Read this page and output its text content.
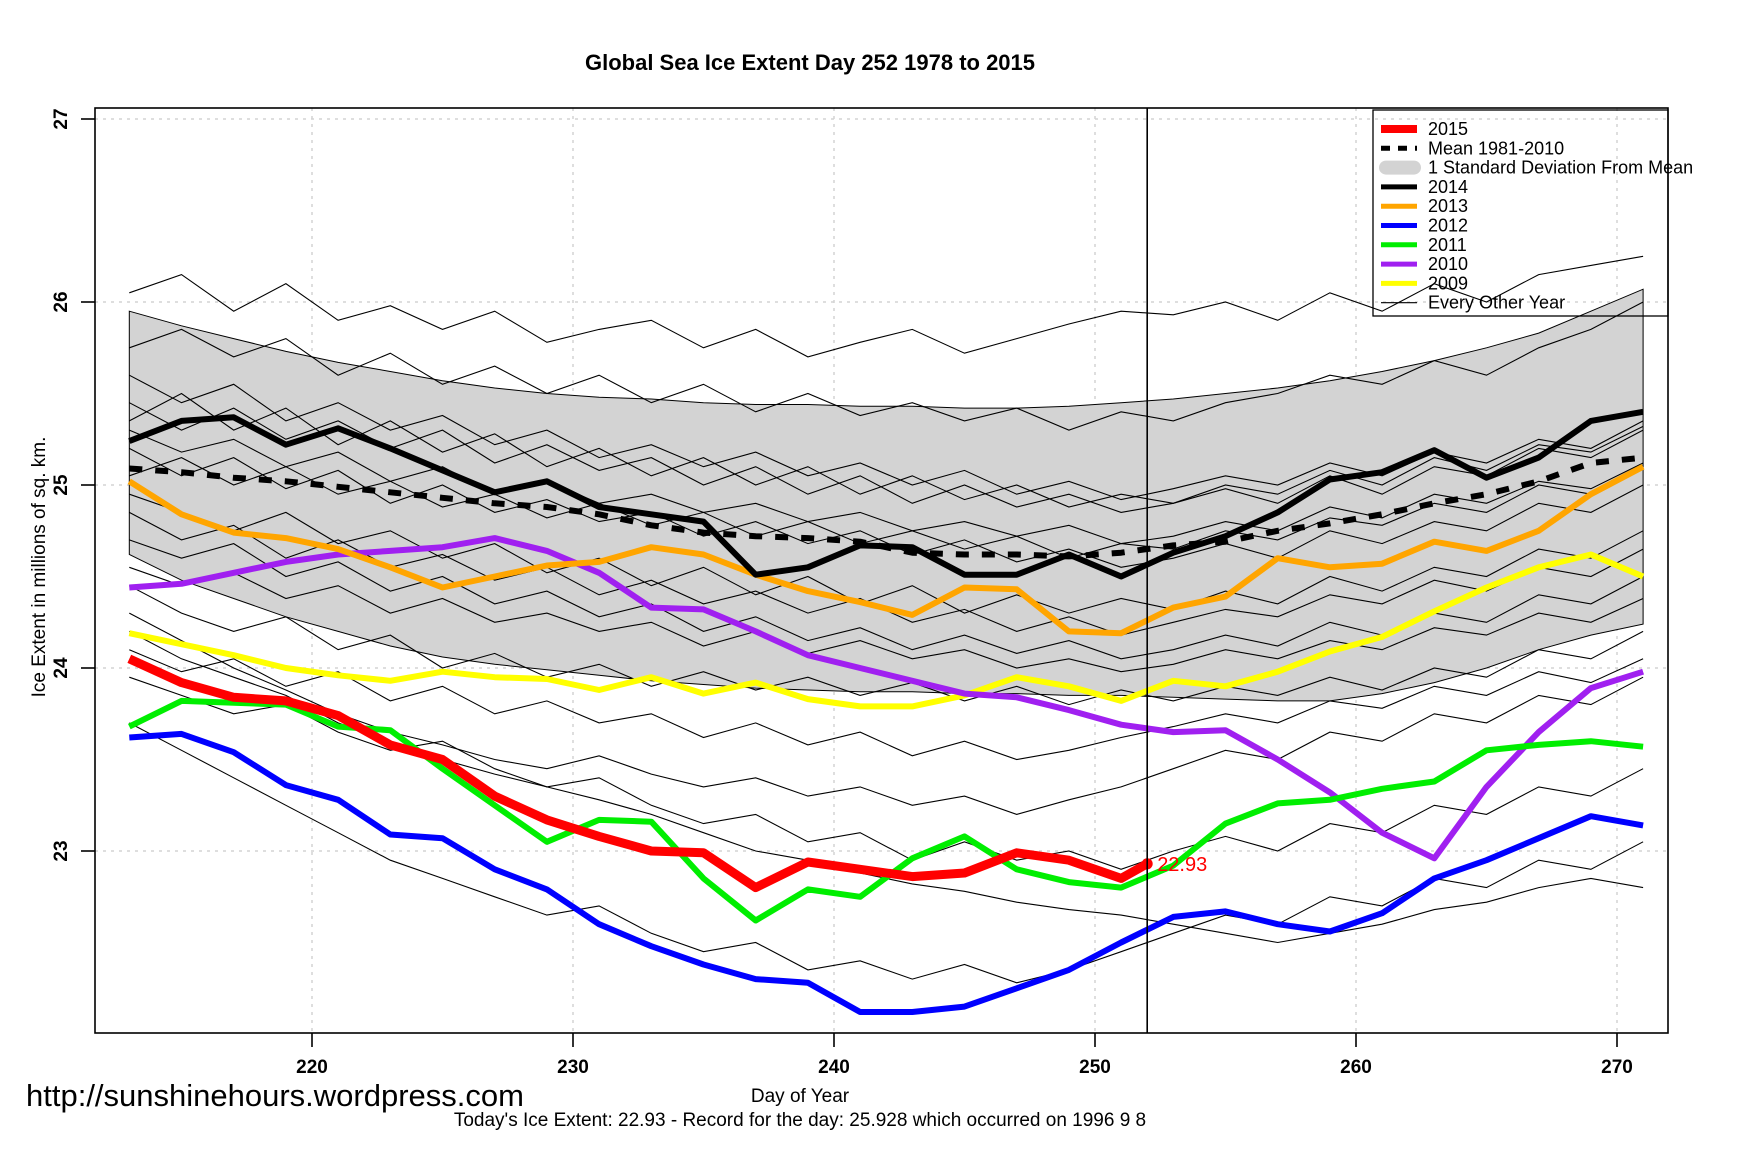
220	230	240	250	260	270
23
24
25
26
27
22.93
2015
Mean 1981-2010
1 Standard Deviation From Mean
2014
2013
2012
2011
2010
2009
Every Other Year
Global Sea Ice Extent Day 252 1978 to 2015
Ice Extent in millions of sq. km.
Day of Year
Today's Ice Extent: 22.93 - Record for the day: 25.928 which occurred on 1996 9 8
http://sunshinehours.wordpress.com
